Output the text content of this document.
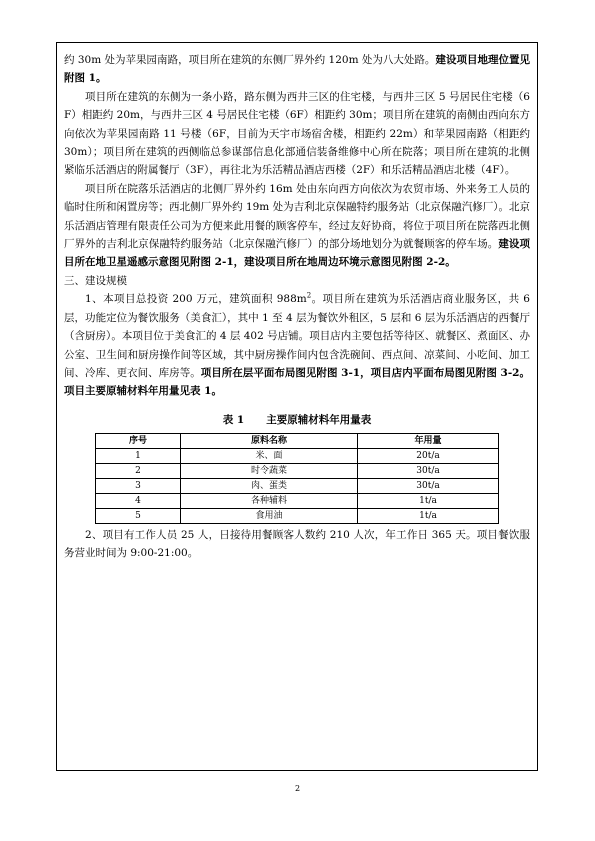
约 30m 处为苹果园南路，项目所在建筑的东侧厂界外约 120m 处为八大处路。建设项目地理位置见附图 1。

项目所在建筑的东侧为一条小路，路东侧为西井三区的住宅楼，与西井三区 5 号居民住宅楼（6F）相距约 20m，与西井三区 4 号居民住宅楼（6F）相距约 30m；项目所在建筑的南侧由西向东方向依次为苹果园南路 11 号楼（6F，目前为天宇市场宿舍楼，相距约 22m）和苹果园南路（相距约 30m）；项目所在建筑的西侧临总参谋部信息化部通信装备维修中心所在院落；项目所在建筑的北侧紧临乐活酒店的附属餐厅（3F），再往北为乐活精品酒店西楼（2F）和乐活精品酒店北楼（4F）。

项目所在院落乐活酒店的北侧厂界外约 16m 处由东向西方向依次为农贸市场、外来务工人员的临时住所和闲置房等；西北侧厂界外约 19m 处为吉利北京保融特约服务站（北京保融汽修厂）。北京乐活酒店管理有限责任公司为方便来此用餐的顾客停车，经过友好协商，将位于项目所在院落西北侧厂界外的吉利北京保融特约服务站（北京保融汽修厂）的部分场地划分为就餐顾客的停车场。建设项目所在地卫星遥感示意图见附图 2-1，建设项目所在地周边环境示意图见附图 2-2。

三、建设规模

1、本项目总投资 200 万元，建筑面积 $988m^2$。项目所在建筑为乐活酒店商业服务区，共 6 层，功能定位为餐饮服务（美食汇），其中 1 至 4 层为餐饮外租区，5 层和 6 层为乐活酒店的西餐厅（含厨房）。本项目位于美食汇的 4 层 402 号店铺。项目店内主要包括等待区、就餐区、煮面区、办公室、卫生间和厨房操作间等区域，其中厨房操作间内包含洗碗间、西点间、凉菜间、小吃间、加工间、冷库、更衣间、库房等。项目所在层平面布局图见附图 3-1，项目店内平面布局图见附图 3-2。项目主要原辅材料年用量见表 1。

表 1 主要原辅材料年用量表
序号	原料名称	年用量
1	米、面	20t/a
2	时令蔬菜	30t/a
3	肉、蛋类	30t/a
4	各种辅料	1t/a
5	食用油	1t/a

2、项目有工作人员 25 人，日接待用餐顾客人数约 210 人次，年工作日 365 天。项目餐饮服务营业时间为 9:00-21:00。

2
